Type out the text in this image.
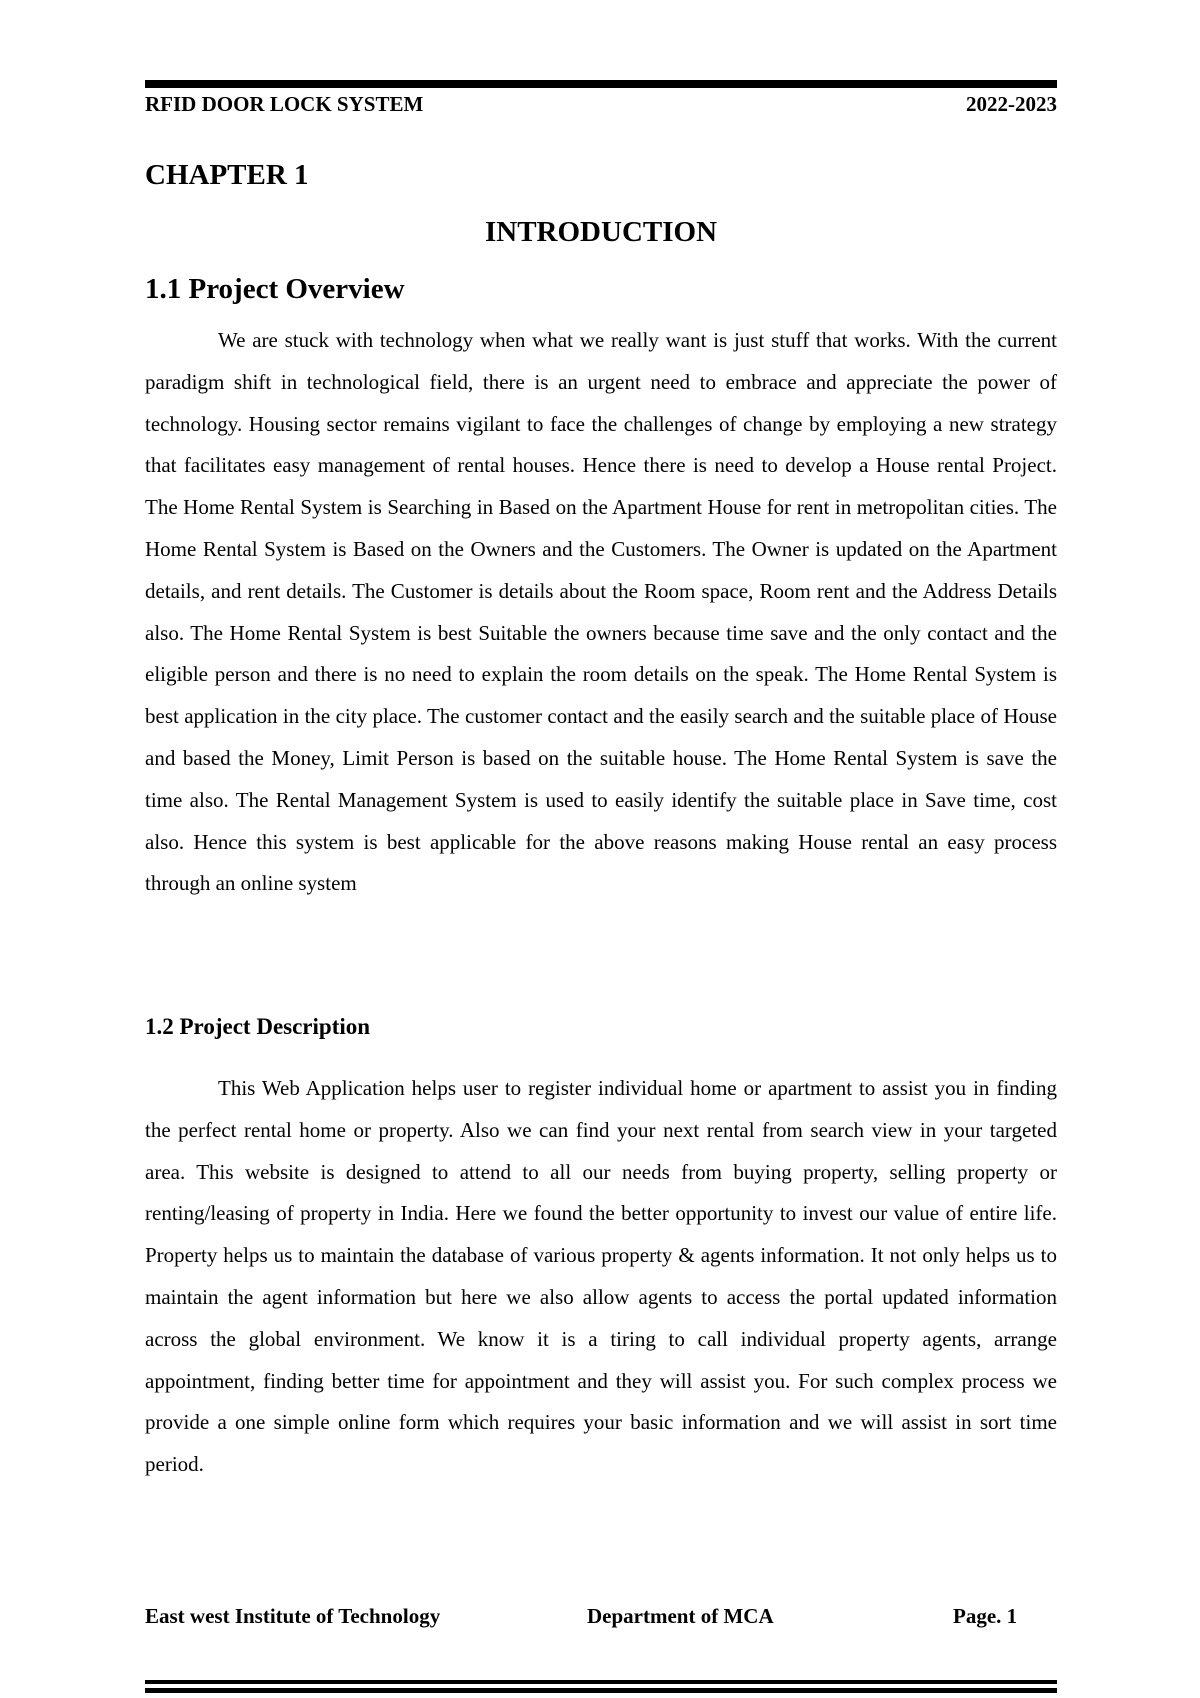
RFID DOOR LOCK SYSTEM	2022-2023
CHAPTER 1
INTRODUCTION
1.1 Project Overview

We are stuck with technology when what we really want is just stuff that works. With the current paradigm shift in technological field, there is an urgent need to embrace and appreciate the power of technology. Housing sector remains vigilant to face the challenges of change by employing a new strategy that facilitates easy management of rental houses. Hence there is need to develop a House rental Project. The Home Rental System is Searching in Based on the Apartment House for rent in metropolitan cities. The Home Rental System is Based on the Owners and the Customers. The Owner is updated on the Apartment details, and rent details. The Customer is details about the Room space, Room rent and the Address Details also. The Home Rental System is best Suitable the owners because time save and the only contact and the eligible person and there is no need to explain the room details on the speak. The Home Rental System is best application in the city place. The customer contact and the easily search and the suitable place of House and based the Money, Limit Person is based on the suitable house. The Home Rental System is save the time also. The Rental Management System is used to easily identify the suitable place in Save time, cost also. Hence this system is best applicable for the above reasons making House rental an easy process through an online system

1.2 Project Description

This Web Application helps user to register individual home or apartment to assist you in finding the perfect rental home or property. Also we can find your next rental from search view in your targeted area. This website is designed to attend to all our needs from buying property, selling property or renting/leasing of property in India. Here we found the better opportunity to invest our value of entire life. Property helps us to maintain the database of various property & agents information. It not only helps us to maintain the agent information but here we also allow agents to access the portal updated information across the global environment. We know it is a tiring to call individual property agents, arrange appointment, finding better time for appointment and they will assist you. For such complex process we provide a one simple online form which requires your basic information and we will assist in sort time period.

East west Institute of Technology	Department of MCA	Page. 1
